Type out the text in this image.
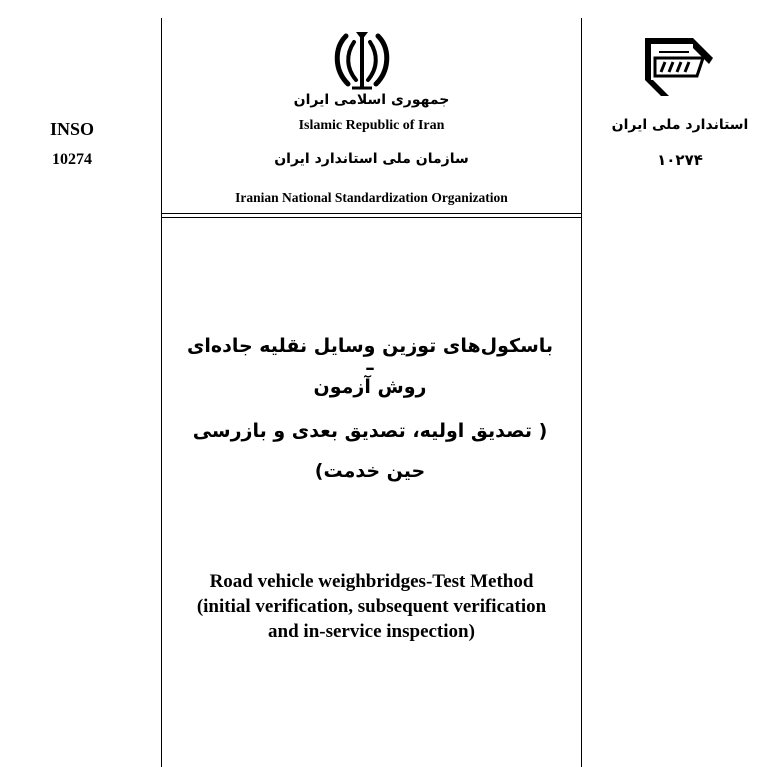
INSO
10274
جمهوری اسلامی ایران
Islamic Republic of Iran
سازمان ملی استاندارد ایران
Iranian National Standardization Organization
استاندارد ملی ایران
۱۰۲۷۴
باسکول‌های توزین وسایل نقلیه جاده‌ای –
روش آزمون
( تصدیق اولیه، تصدیق بعدی و بازرسی
حین خدمت)
Road vehicle weighbridges-Test Method
(initial verification, subsequent verification
and in-service inspection)
